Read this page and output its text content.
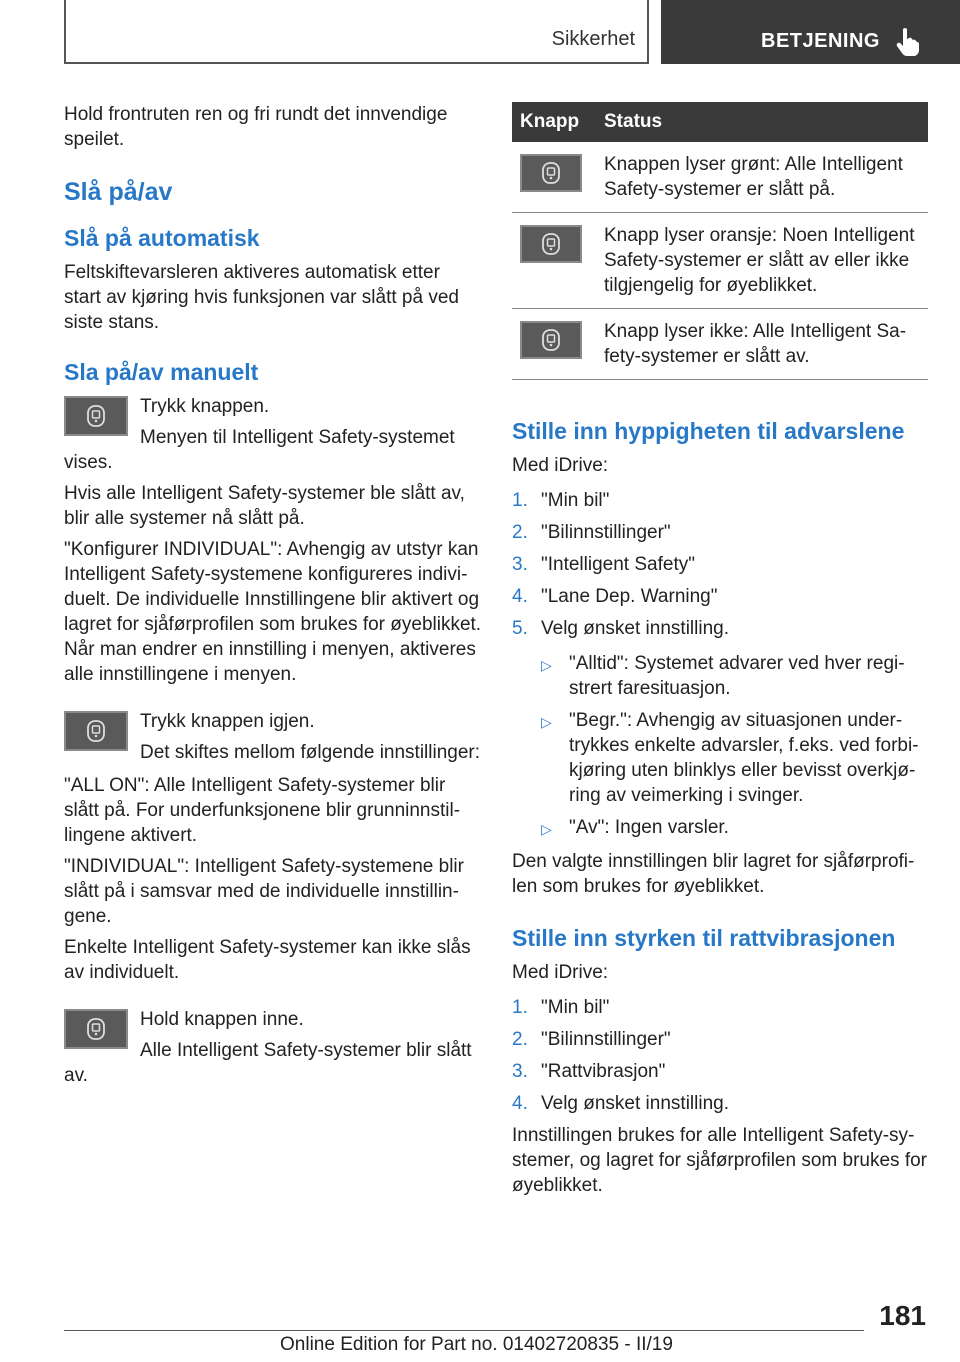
Sikkerhet	BETJENING

Hold frontruten ren og fri rundt det innvendige speilet.

Slå på/av
Slå på automatisk

Feltskiftevarsleren aktiveres automatisk etter start av kjøring hvis funksjonen var slått på ved siste stans.

Sla på/av manuelt

Trykk knappen.

Menyen til Intelligent Safety-systemet vises.

Hvis alle Intelligent Safety-systemer ble slått av, blir alle systemer nå slått på.

"Konfigurer INDIVIDUAL": Avhengig av utstyr kan Intelligent Safety-systemene konfigureres individuelt. De individuelle Innstillingene blir aktivert og lagret for sjåførprofilen som brukes for øyeblikket. Når man endrer en innstilling i menyen, aktiveres alle innstillingene i menyen.

Trykk knappen igjen.

Det skiftes mellom følgende innstillinger:

"ALL ON": Alle Intelligent Safety-systemer blir slått på. For underfunksjonene blir grunninnstillingene aktivert.

"INDIVIDUAL": Intelligent Safety-systemene blir slått på i samsvar med de individuelle innstillingene.

Enkelte Intelligent Safety-systemer kan ikke slås av individuelt.

Hold knappen inne.

Alle Intelligent Safety-systemer blir slått av.

Knapp	Status

	Knappen lyser grønt: Alle Intelligent Safety-systemer er slått på.

	Knapp lyser oransje: Noen Intelligent Safety-systemer er slått av eller ikke tilgjengelig for øyeblikket.

	Knapp lyser ikke: Alle Intelligent Safety-systemer er slått av.
Stille inn hyppigheten til advarslene

Med iDrive:

1. "Min bil"
2. "Bilinnstillinger"
3. "Intelligent Safety"
4. "Lane Dep. Warning"
5. Velg ønsket innstilling.
▷ "Alltid": Systemet advarer ved hver registrert faresituasjon.
▷ "Begr.": Avhengig av situasjonen undertrykkes enkelte advarsler, f.eks. ved forbikjøring uten blinklys eller bevisst overkjøring av veimerking i svinger.
▷ "Av": Ingen varsler.

Den valgte innstillingen blir lagret for sjåførprofilen som brukes for øyeblikket.

Stille inn styrken til rattvibrasjonen

Med iDrive:

1. "Min bil"
2. "Bilinnstillinger"
3. "Rattvibrasjon"
4. Velg ønsket innstilling.

Innstillingen brukes for alle Intelligent Safety-systemer, og lagret for sjåførprofilen som brukes for øyeblikket.

181
Online Edition for Part no. 01402720835 - II/19
